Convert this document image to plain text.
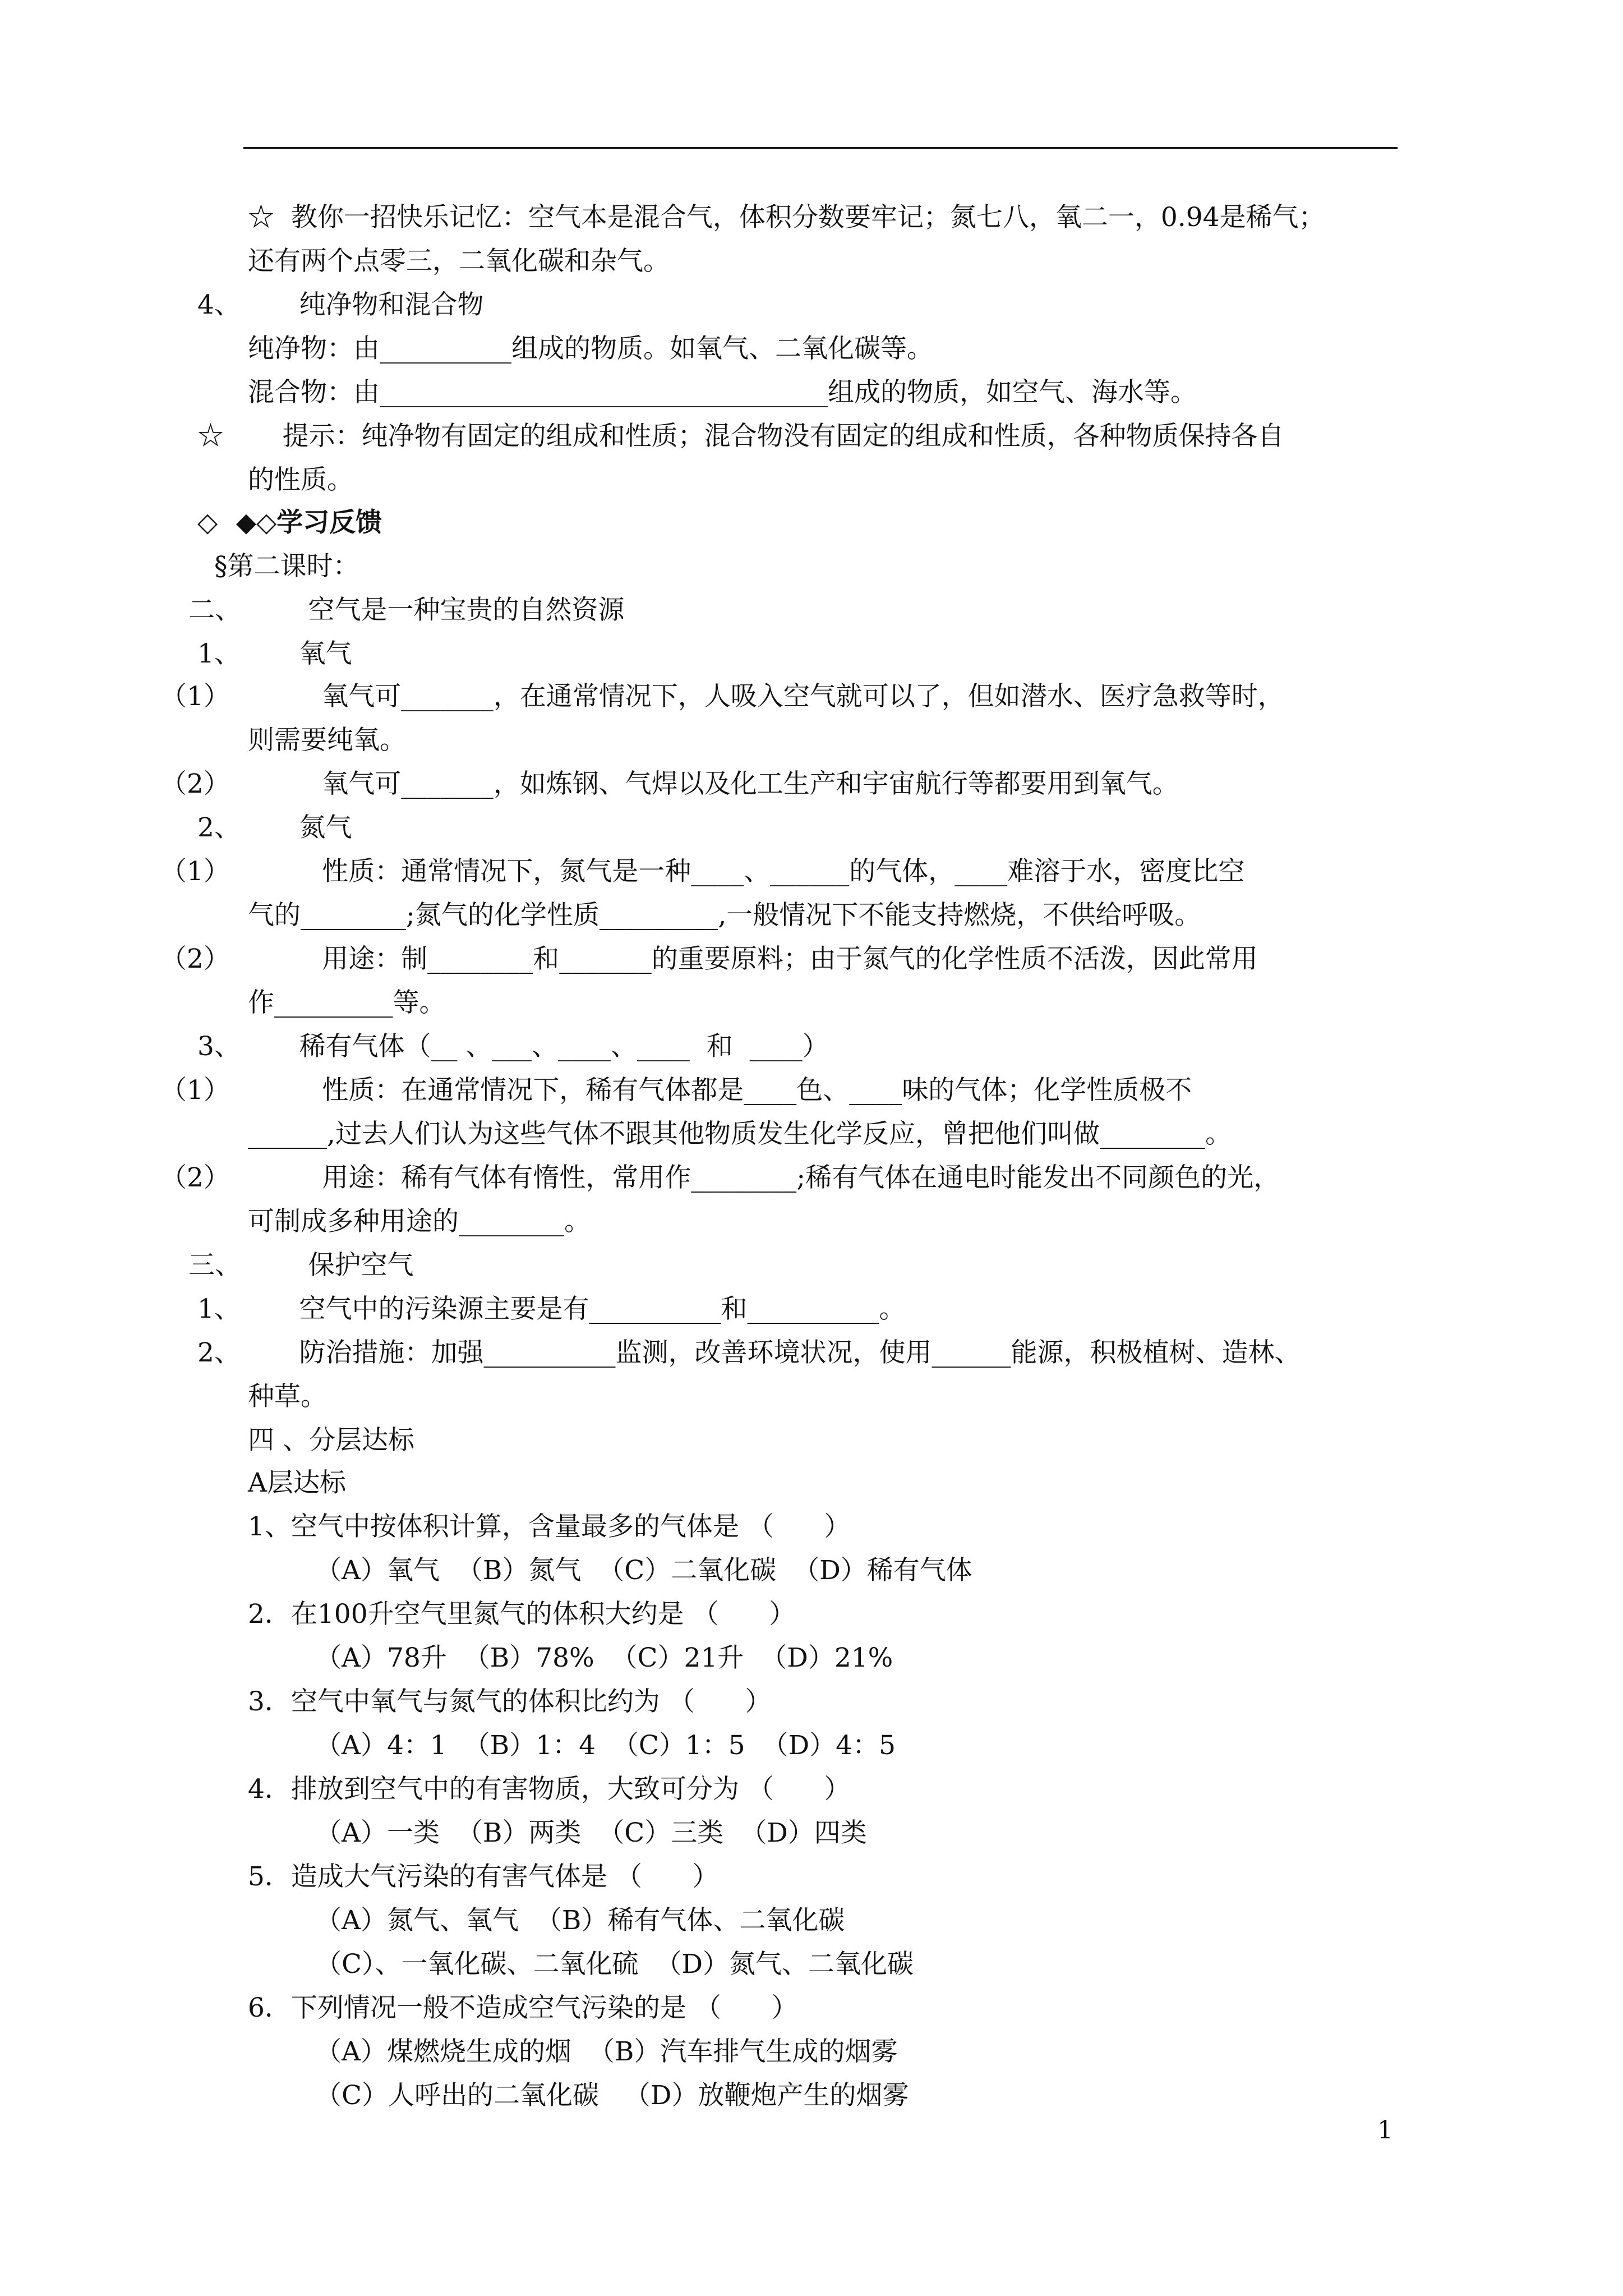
☆  教你一招快乐记忆：空气本是混合气，体积分数要牢记；氮七八，氧二一，0.94是稀气；
还有两个点零三，二氧化碳和杂气。
4、       纯净物和混合物
纯净物：由__________组成的物质。如氧气、二氧化碳等。
混合物：由__________________________________组成的物质，如空气、海水等。
☆       提示：纯净物有固定的组成和性质；混合物没有固定的组成和性质，各种物质保持各自
的性质。
◇  ◆◇学习反馈
§第二课时：
二、        空气是一种宝贵的自然资源
1、       氧气
（1）           氧气可_______，在通常情况下，人吸入空气就可以了，但如潜水、医疗急救等时，
则需要纯氧。
（2）           氧气可_______，如炼钢、气焊以及化工生产和宇宙航行等都要用到氧气。
2、       氮气
（1）           性质：通常情况下，氮气是一种____、______的气体，____难溶于水，密度比空
气的________;氮气的化学性质_________,一般情况下不能支持燃烧，不供给呼吸。
（2）           用途：制________和_______的重要原料；由于氮气的化学性质不活泼，因此常用
作_________等。
3、       稀有气体（__ 、___、____、____  和  ____）
（1）           性质：在通常情况下，稀有气体都是____色、____味的气体；化学性质极不
______,过去人们认为这些气体不跟其他物质发生化学反应，曾把他们叫做________。
（2）           用途：稀有气体有惰性，常用作________;稀有气体在通电时能发出不同颜色的光，
可制成多种用途的________。
三、        保护空气
1、       空气中的污染源主要是有__________和__________。
2、       防治措施：加强__________监测，改善环境状况，使用______能源，积极植树、造林、
种草。
四 、分层达标
A层达标
1、空气中按体积计算，含量最多的气体是 （      ）
（A）氧气  （B）氮气  （C）二氧化碳  （D）稀有气体
2．在100升空气里氮气的体积大约是 （      ）
（A）78升  （B）78%  （C）21升  （D）21%
3．空气中氧气与氮气的体积比约为 （      ）
（A）4：1  （B）1：4  （C）1：5  （D）4：5
4．排放到空气中的有害物质，大致可分为 （      ）
（A）一类  （B）两类  （C）三类  （D）四类
5．造成大气污染的有害气体是 （      ）
（A）氮气、氧气  （B）稀有气体、二氧化碳
（C）、一氧化碳、二氧化硫  （D）氮气、二氧化碳
6．下列情况一般不造成空气污染的是 （      ）
（A）煤燃烧生成的烟  （B）汽车排气生成的烟雾
（C）人呼出的二氧化碳   （D）放鞭炮产生的烟雾
1
